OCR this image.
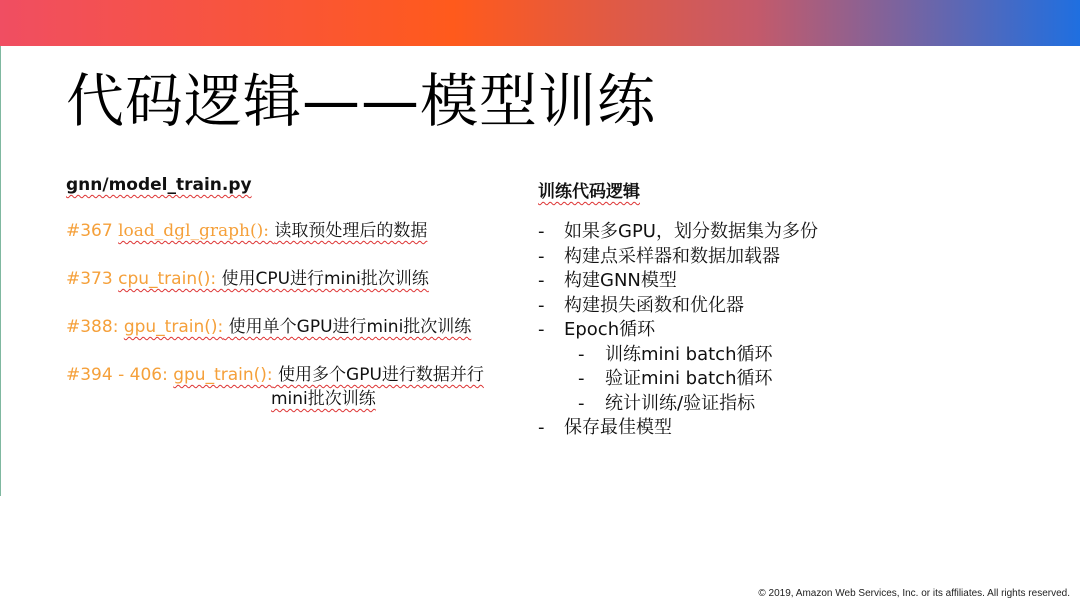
代码逻辑——模型训练
gnn/model_train.py
#367 load_dgl_graph(): 读取预处理后的数据
#373 cpu_train(): 使用CPU进行mini批次训练
#388: gpu_train(): 使用单个GPU进行mini批次训练
#394 - 406: gpu_train(): 使用多个GPU进行数据并行
mini批次训练
训练代码逻辑
- 如果多GPU，划分数据集为多份
- 构建点采样器和数据加载器
- 构建GNN模型
- 构建损失函数和优化器
- Epoch循环
- 训练mini batch循环
- 验证mini batch循环
- 统计训练/验证指标
- 保存最佳模型
© 2019, Amazon Web Services, Inc. or its affiliates. All rights reserved.
